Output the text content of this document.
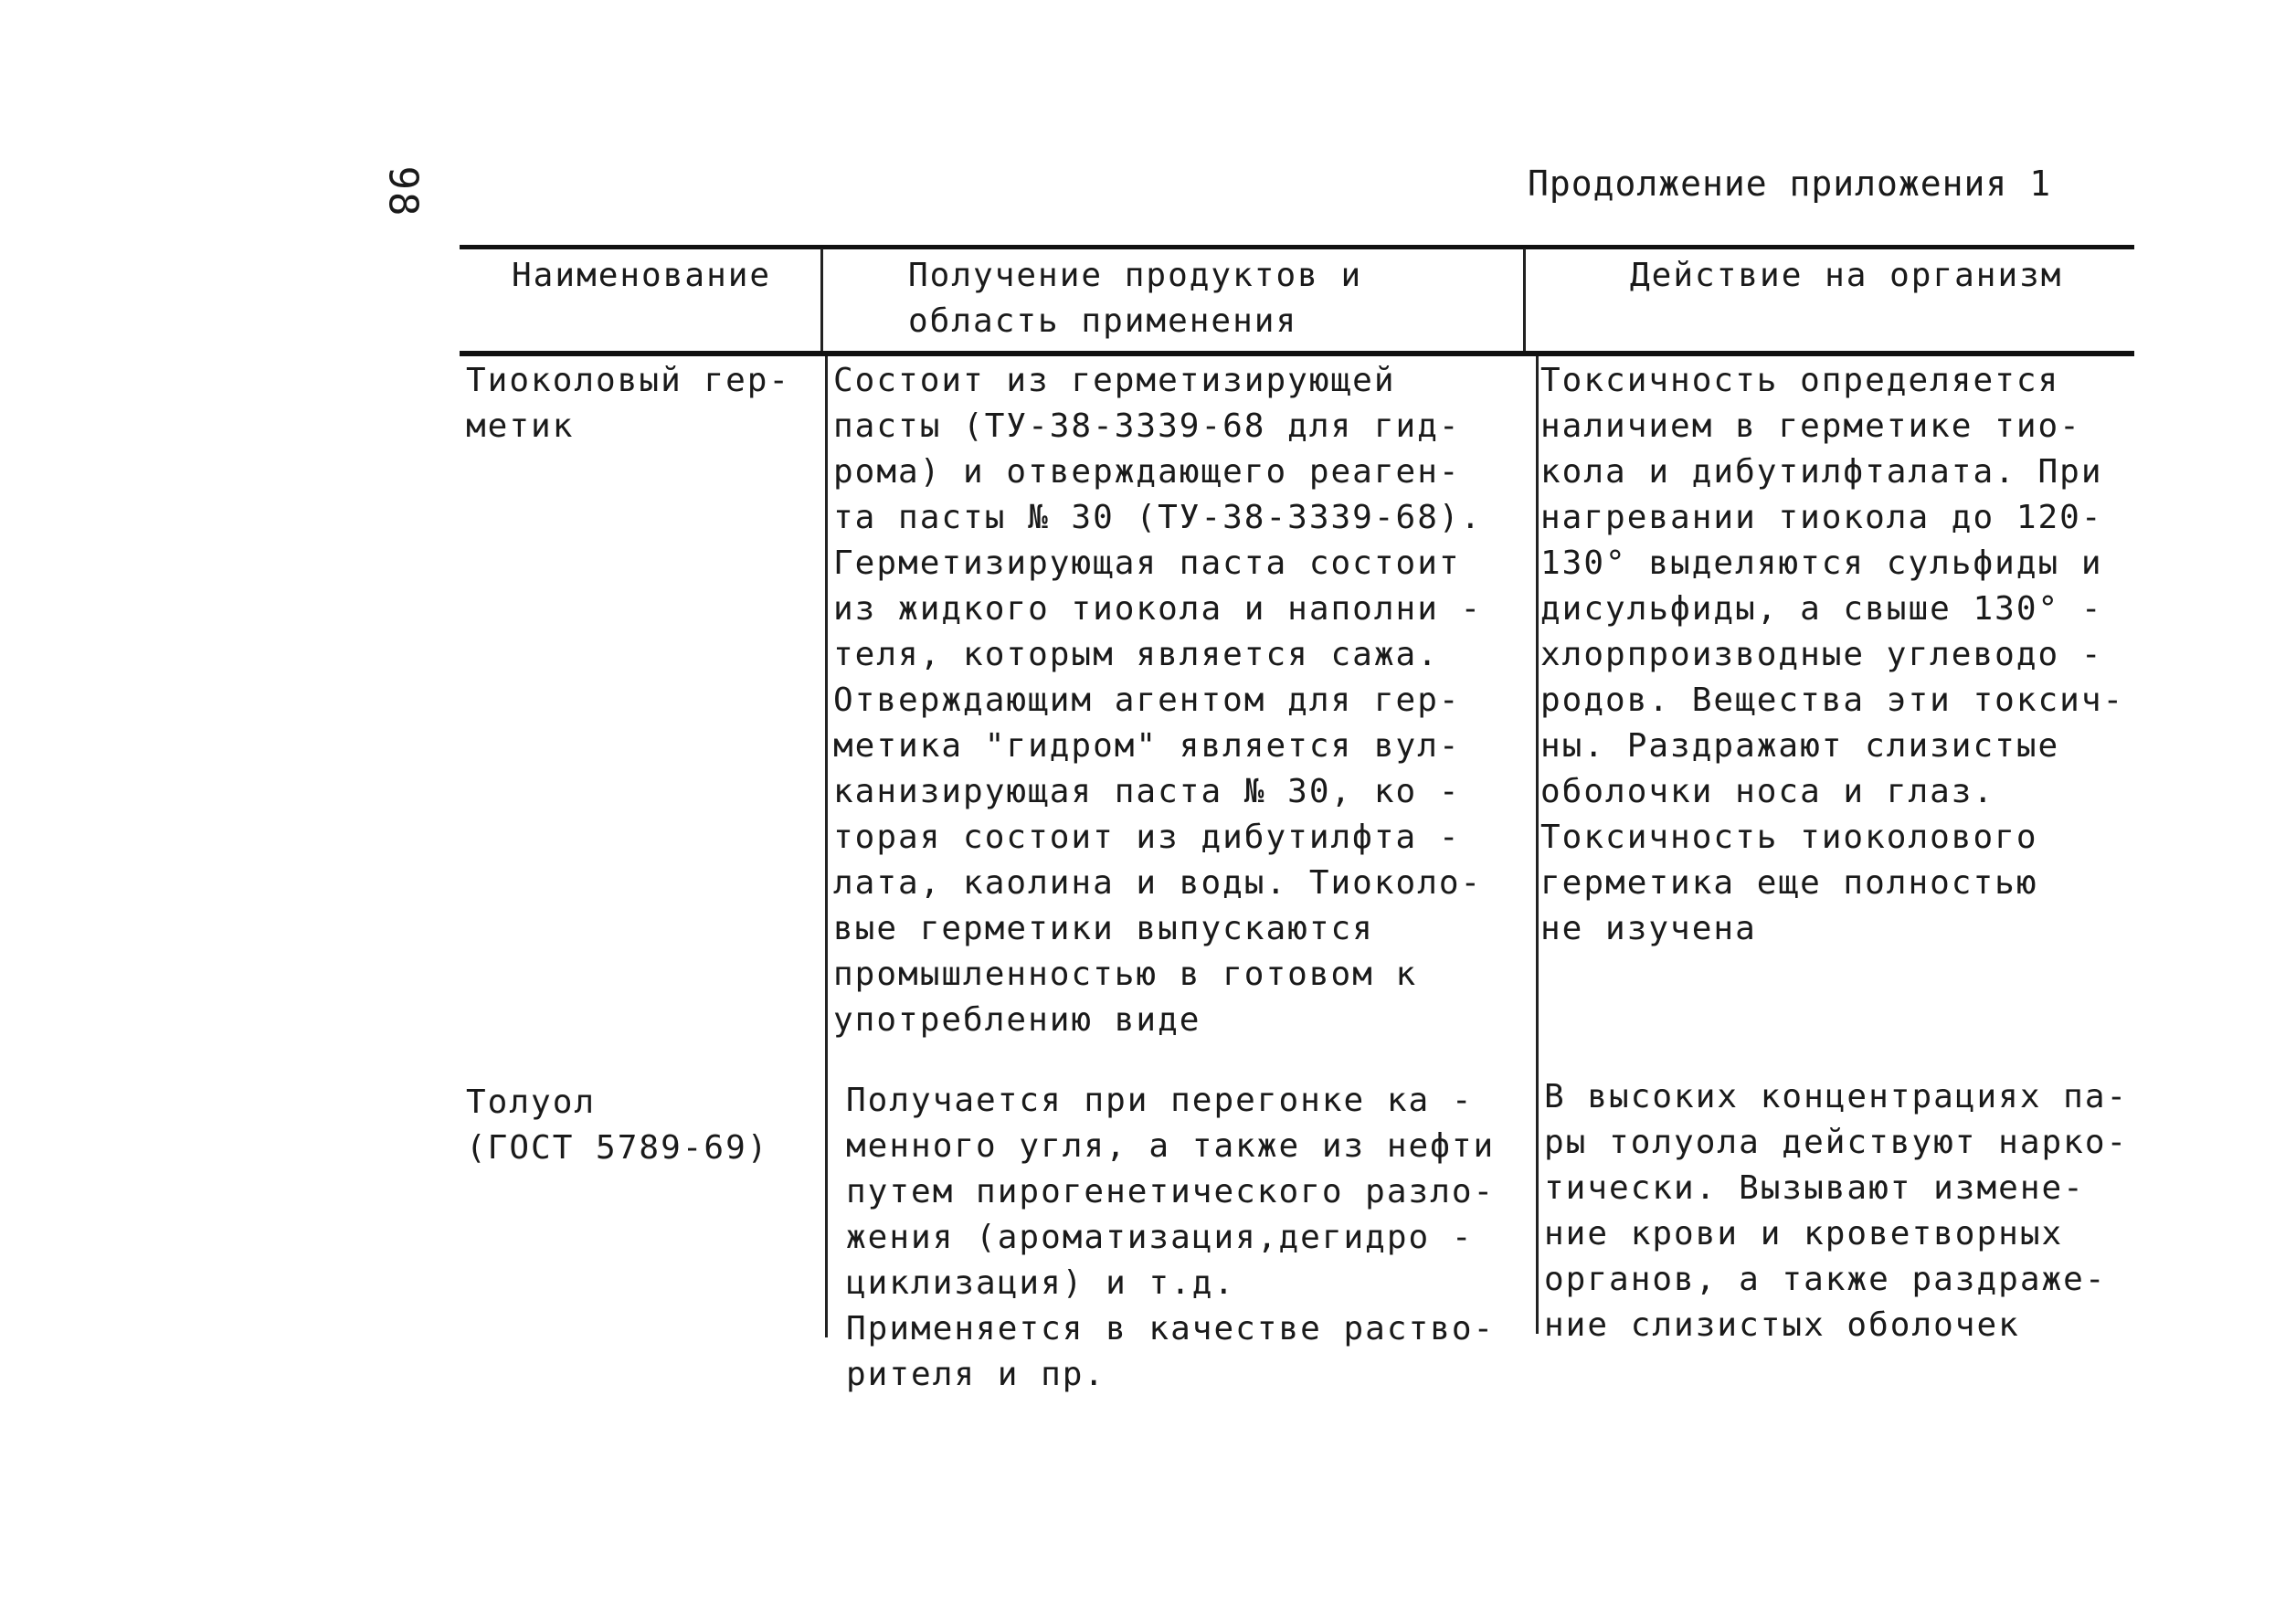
98	Продолжение приложения 1
Наименование	Получение продуктов и
область применения
Действие на организм
Тиоколовый гер-
метик
Состоит из герметизирующей
пасты (ТУ-38-3339-68 для гид-
рома) и отверждающего реаген-
та пасты № 30 (ТУ-38-3339-68).
Герметизирующая паста состоит
из жидкого тиокола и наполни -
теля, которым является сажа.
Отверждающим агентом для гер-
метика "гидром" является вул-
канизирующая паста № 30, ко -
торая состоит из дибутилфта -
лата, каолина и воды. Тиоколо-
вые герметики выпускаются
промышленностью в готовом к
употреблению виде
Токсичность определяется
наличием в герметике тио-
кола и дибутилфталата. При
нагревании тиокола до 120-
130° выделяются сульфиды и
дисульфиды, а свыше 130° -
хлорпроизводные углеводо -
родов. Вещества эти токсич-
ны. Раздражают слизистые
оболочки носа и глаз.
Токсичность тиоколового
герметика еще полностью
не изучена
Толуол
(ГОСТ 5789-69)
Получается при перегонке ка -
менного угля, а также из нефти
путем пирогенетического разло-
жения (ароматизация,дегидро -
циклизация) и т.д.
Применяется в качестве раство-
рителя и пр.
В высоких концентрациях па-
ры толуола действуют нарко-
тически. Вызывают измене-
ние крови и кроветворных
органов, а также раздраже-
ние слизистых оболочек
